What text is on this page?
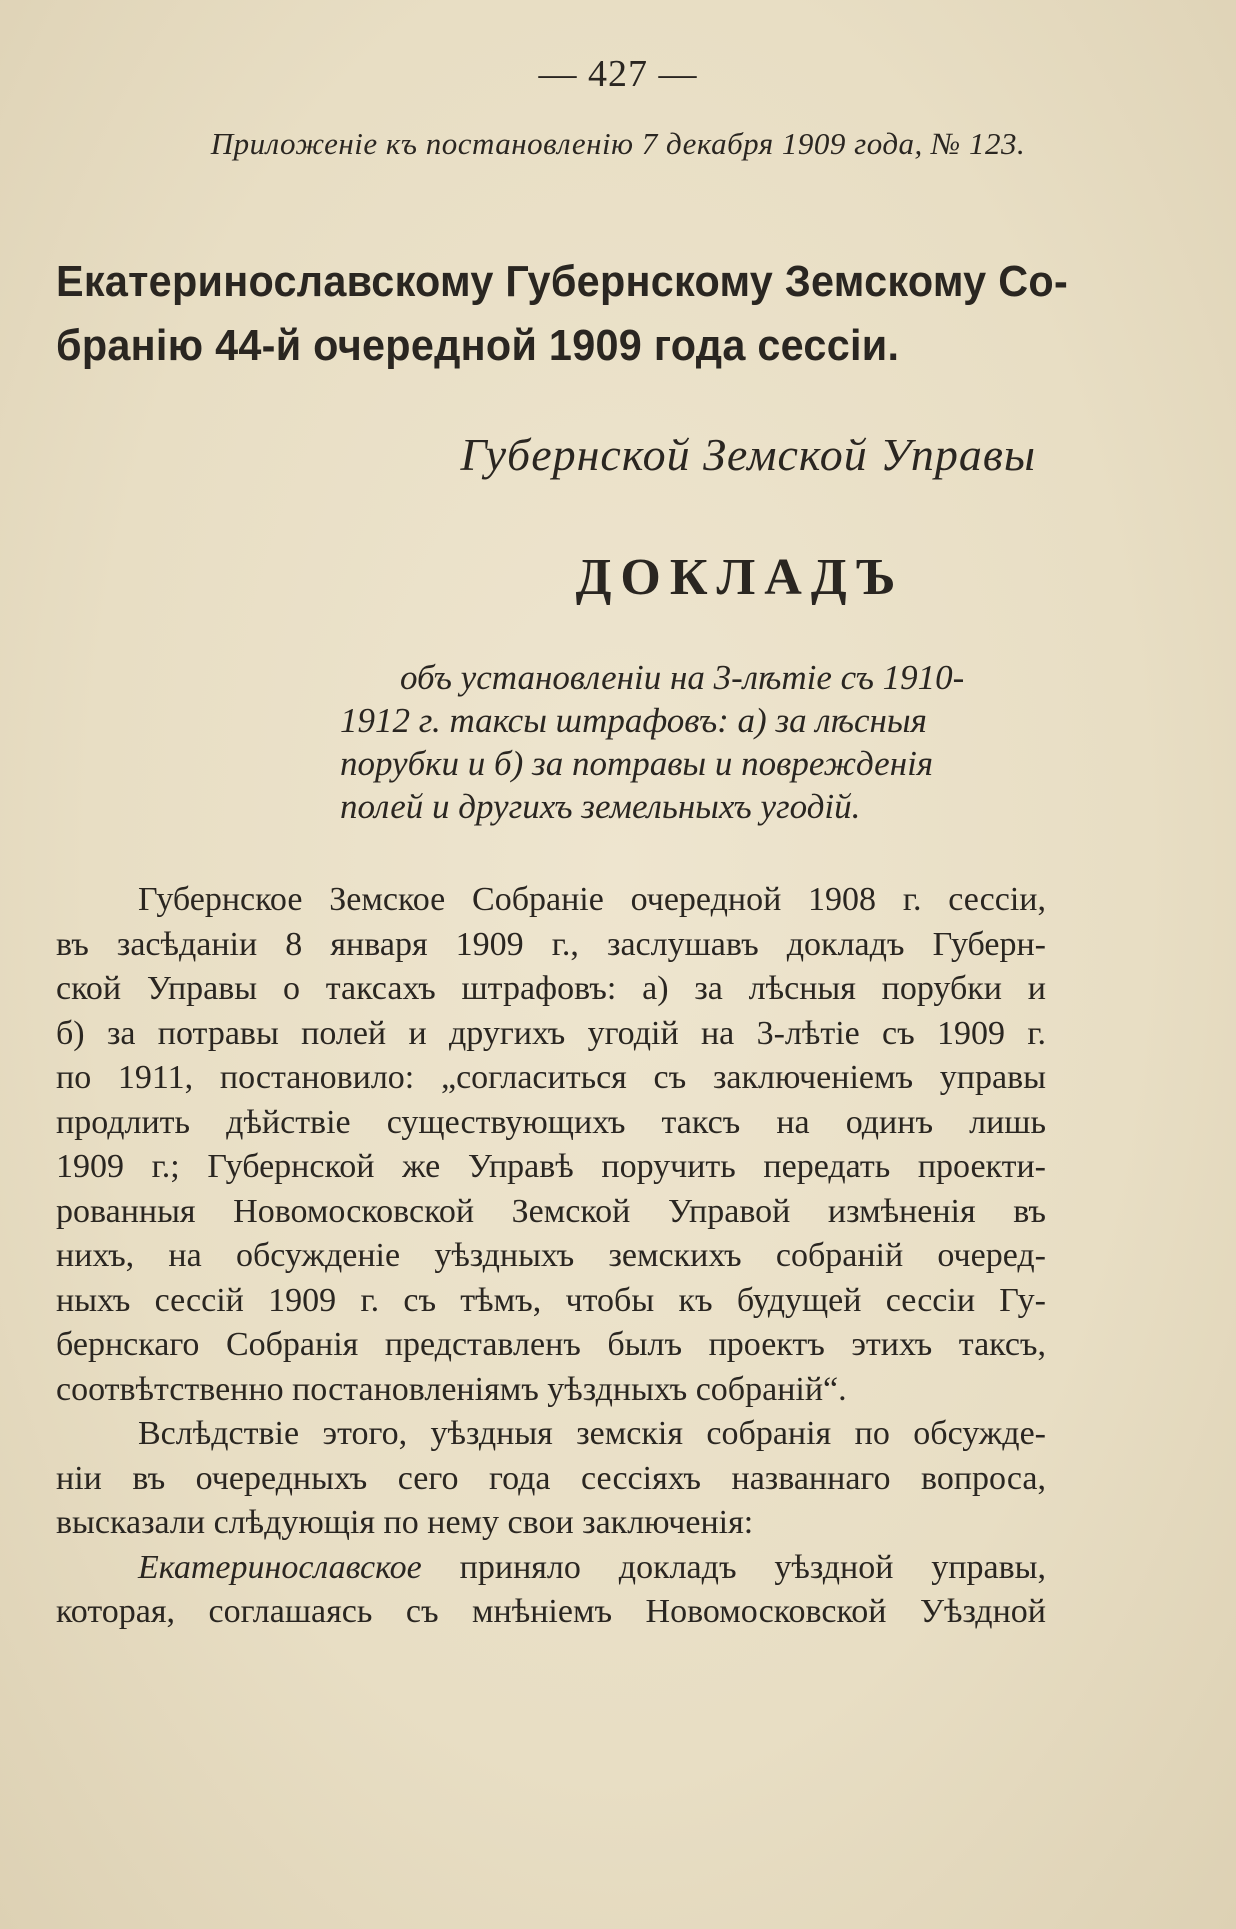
— 427 —
Приложеніе къ постановленію 7 декабря 1909 года, № 123.
Екатеринославскому Губернскому Земскому Со-
бранію 44-й очередной 1909 года сессіи.
Губернской Земской Управы
ДОКЛАДЪ
объ установленіи на 3-лѣтіе съ 1910-
1912 г. таксы штрафовъ: а) за лѣсныя
порубки и б) за потравы и поврежденія
полей и другихъ земельныхъ угодій.
Губернское Земское Собраніе очередной 1908 г. сессіи,
въ засѣданіи 8 января 1909 г., заслушавъ докладъ Губерн-
ской Управы о таксахъ штрафовъ: а) за лѣсныя порубки и
б) за потравы полей и другихъ угодій на 3-лѣтіе съ 1909 г.
по 1911, постановило: „согласиться съ заключеніемъ управы
продлить дѣйствіе существующихъ таксъ на одинъ лишь
1909 г.; Губернской же Управѣ поручить передать проекти-
рованныя Новомосковской Земской Управой измѣненія въ
нихъ, на обсужденіе уѣздныхъ земскихъ собраній очеред-
ныхъ сессій 1909 г. съ тѣмъ, чтобы къ будущей сессіи Гу-
бернскаго Собранія представленъ былъ проектъ этихъ таксъ,
соотвѣтственно постановленіямъ уѣздныхъ собраній“.
Вслѣдствіе этого, уѣздныя земскія собранія по обсужде-
ніи въ очередныхъ сего года сессіяхъ названнаго вопроса,
высказали слѣдующія по нему свои заключенія:
Екатеринославское приняло докладъ уѣздной управы,
которая, соглашаясь съ мнѣніемъ Новомосковской Уѣздной
